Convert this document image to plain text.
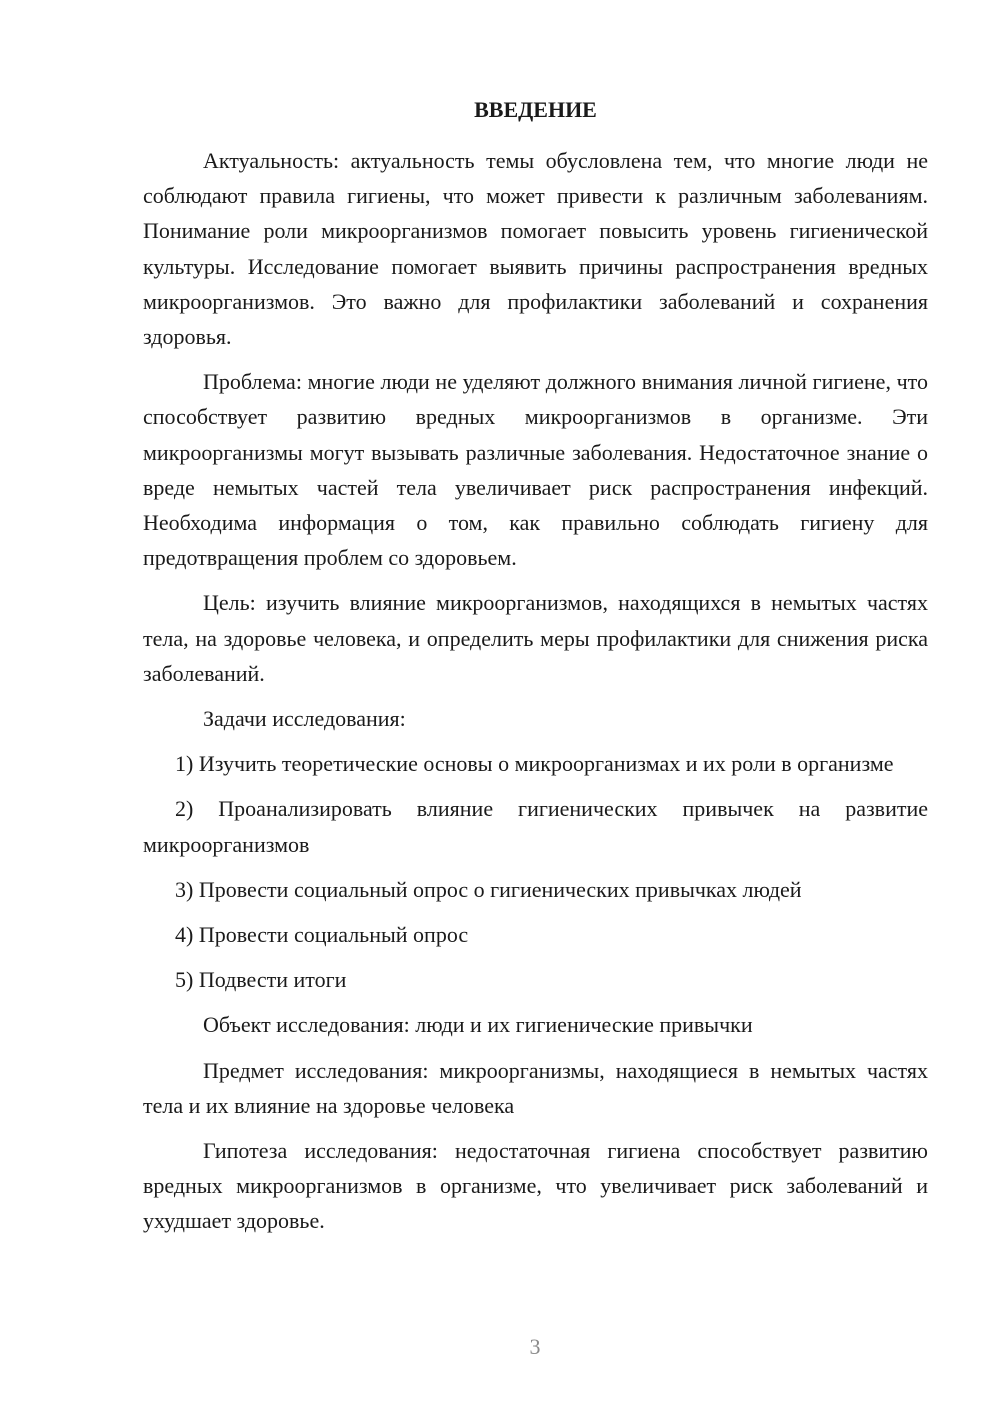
ВВЕДЕНИЕ

Актуальность: актуальность темы обусловлена тем, что многие люди не соблюдают правила гигиены, что может привести к различным заболеваниям. Понимание роли микроорганизмов помогает повысить уровень гигиенической культуры. Исследование помогает выявить причины распространения вредных микроорганизмов. Это важно для профилактики заболеваний и сохранения здоровья.

Проблема: многие люди не уделяют должного внимания личной гигиене, что способствует развитию вредных микроорганизмов в организме. Эти микроорганизмы могут вызывать различные заболевания. Недостаточное знание о вреде немытых частей тела увеличивает риск распространения инфекций. Необходима информация о том, как правильно соблюдать гигиену для предотвращения проблем со здоровьем.

Цель: изучить влияние микроорганизмов, находящихся в немытых частях тела, на здоровье человека, и определить меры профилактики для снижения риска заболеваний.

Задачи исследования:

1) Изучить теоретические основы о микроорганизмах и их роли в организме

2) Проанализировать влияние гигиенических привычек на развитие микроорганизмов

3) Провести социальный опрос о гигиенических привычках людей

4) Провести социальный опрос

5) Подвести итоги

Объект исследования: люди и их гигиенические привычки

Предмет исследования: микроорганизмы, находящиеся в немытых частях тела и их влияние на здоровье человека

Гипотеза исследования: недостаточная гигиена способствует развитию вредных микроорганизмов в организме, что увеличивает риск заболеваний и ухудшает здоровье.

3
